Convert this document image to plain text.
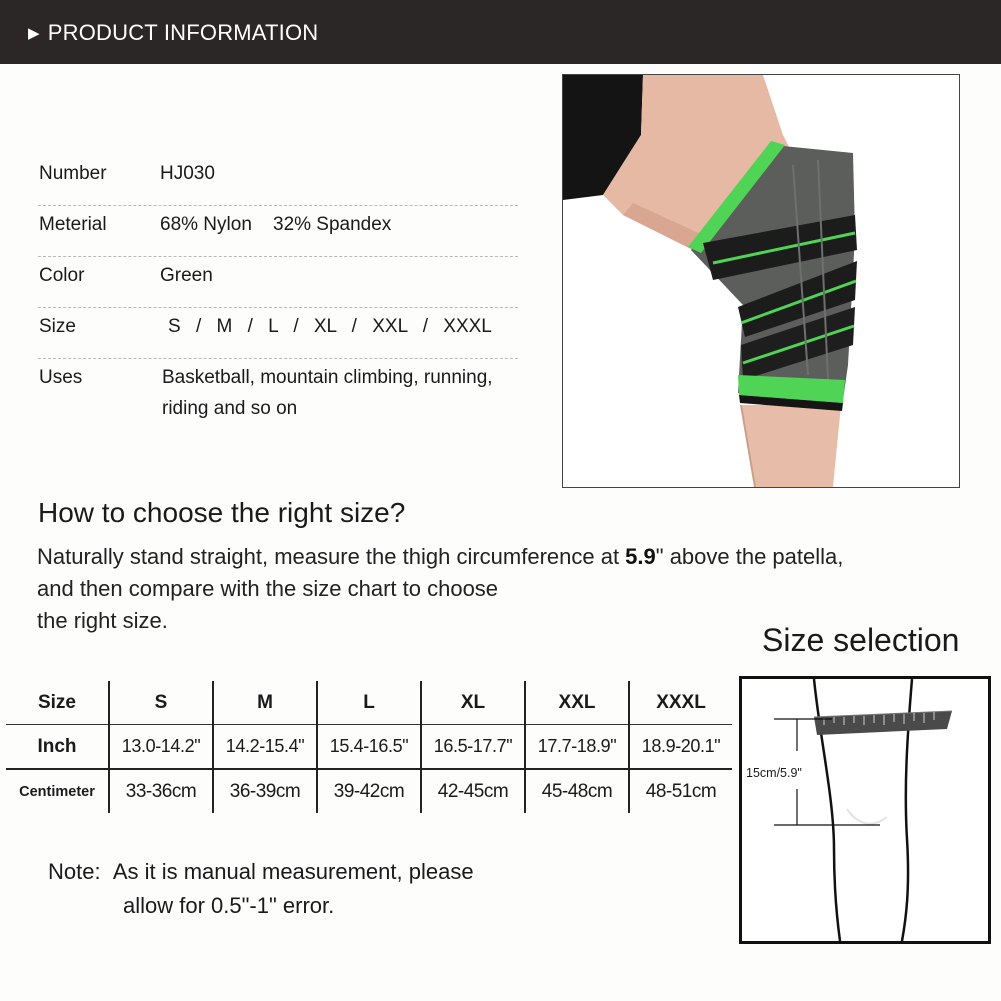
▶ PRODUCT INFORMATION
Number	HJ030
Meterial	68% Nylon    32% Spandex
Color	Green
Size	S / M / L / XL / XXL / XXXL
Uses	Basketball, mountain climbing, running, riding and so on
How to choose the right size?
Naturally stand straight, measure the thigh circumference at 5.9" above the patella,

and then compare with the size chart to choose
the right size.
Size selection
Size	S	M	L	XL	XXL	XXXL
Inch	13.0-14.2"	14.2-15.4"	15.4-16.5"	16.5-17.7"	17.7-18.9"	18.9-20.1"
Centimeter	33-36cm	36-39cm	39-42cm	42-45cm	45-48cm	48-51cm
Note: As it is manual measurement, please
allow for 0.5"-1" error.
15cm/5.9"
